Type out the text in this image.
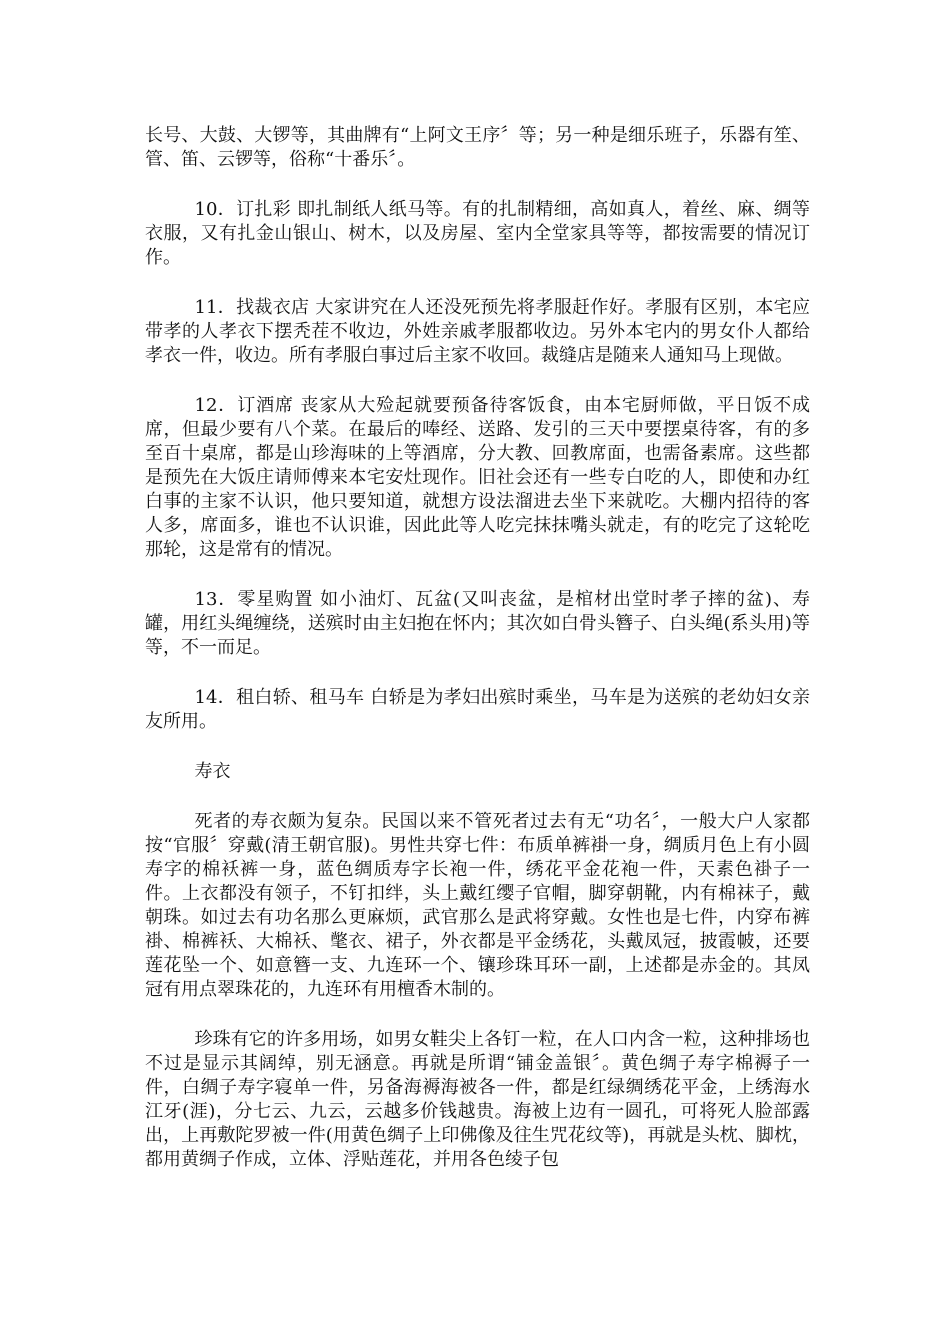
长号、大鼓、大锣等，其曲牌有“上阿文王序〞等；另一种是细乐班子，乐器有笙、管、笛、云锣等，俗称“十番乐〞。

10．订扎彩 即扎制纸人纸马等。有的扎制精细，高如真人，着丝、麻、绸等衣服，又有扎金山银山、树木，以及房屋、室内全堂家具等等，都按需要的情况订作。

11．找裁衣店 大家讲究在人还没死预先将孝服赶作好。孝服有区别，本宅应带孝的人孝衣下摆秃茬不收边，外姓亲戚孝服都收边。另外本宅内的男女仆人都给孝衣一件，收边。所有孝服白事过后主家不收回。裁缝店是随来人通知马上现做。

12．订酒席 丧家从大殓起就要预备待客饭食，由本宅厨师做，平日饭不成席，但最少要有八个菜。在最后的唪经、送路、发引的三天中要摆桌待客，有的多至百十桌席，都是山珍海味的上等酒席，分大教、回教席面，也需备素席。这些都是预先在大饭庄请师傅来本宅安灶现作。旧社会还有一些专白吃的人，即使和办红白事的主家不认识，他只要知道，就想方设法溜进去坐下来就吃。大棚内招待的客人多，席面多，谁也不认识谁，因此此等人吃完抹抹嘴头就走，有的吃完了这轮吃那轮，这是常有的情况。

13．零星购置 如小油灯、瓦盆(又叫丧盆，是棺材出堂时孝子摔的盆)、寿罐，用红头绳缠绕，送殡时由主妇抱在怀内；其次如白骨头簪子、白头绳(系头用)等等，不一而足。

14．租白轿、租马车 白轿是为孝妇出殡时乘坐，马车是为送殡的老幼妇女亲友所用。

寿衣

死者的寿衣颇为复杂。民国以来不管死者过去有无“功名〞，一般大户人家都按“官服〞穿戴(清王朝官服)。男性共穿七件：布质单裤褂一身，绸质月色上有小圆寿字的棉袄裤一身，蓝色绸质寿字长袍一件，绣花平金花袍一件，天素色褂子一件。上衣都没有领子，不钉扣绊，头上戴红缨子官帽，脚穿朝靴，内有棉袜子，戴朝珠。如过去有功名那么更麻烦，武官那么是武将穿戴。女性也是七件，内穿布裤褂、棉裤袄、大棉袄、氅衣、裙子，外衣都是平金绣花，头戴凤冠，披霞帔，还要莲花坠一个、如意簪一支、九连环一个、镶珍珠耳环一副，上述都是赤金的。其凤冠有用点翠珠花的，九连环有用檀香木制的。

珍珠有它的许多用场，如男女鞋尖上各钉一粒，在人口内含一粒，这种排场也不过是显示其阔绰，别无涵意。再就是所谓“铺金盖银〞。黄色绸子寿字棉褥子一件，白绸子寿字寝单一件，另备海褥海被各一件，都是红绿绸绣花平金，上绣海水江牙(涯)，分七云、九云，云越多价钱越贵。海被上边有一圆孔，可将死人脸部露出，上再敷陀罗被一件(用黄色绸子上印佛像及往生咒花纹等)，再就是头枕、脚枕，都用黄绸子作成，立体、浮贴莲花，并用各色绫子包
